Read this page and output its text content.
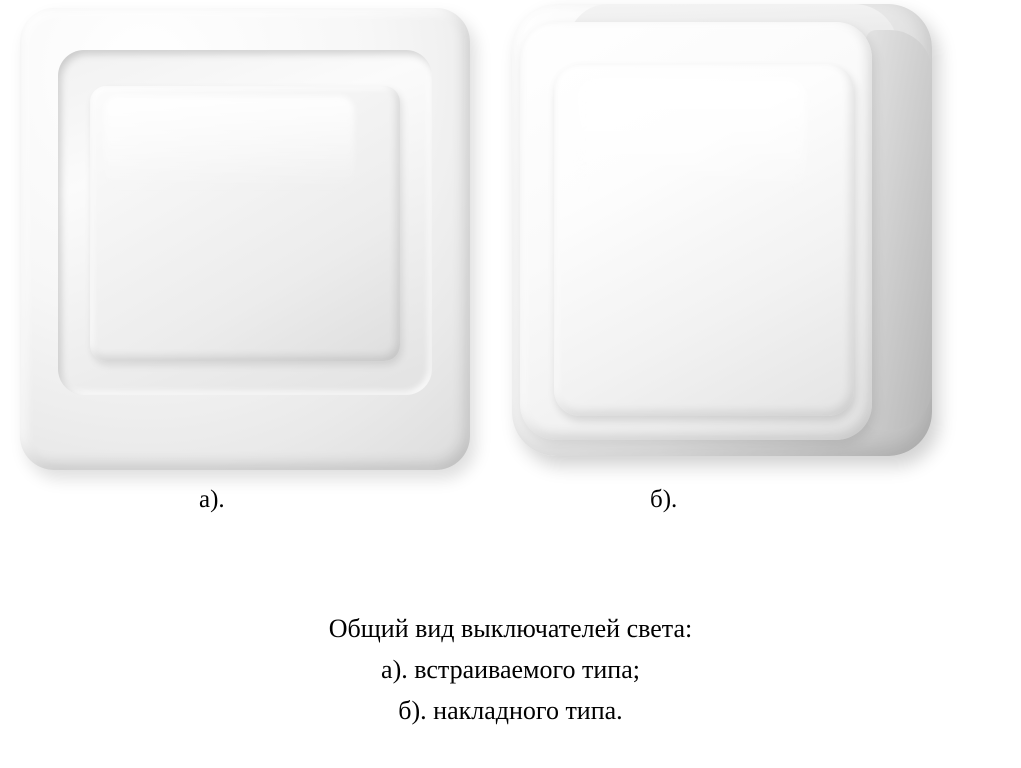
а).	б).
Общий вид выключателей света:
а). встраиваемого типа;
б). накладного типа.
